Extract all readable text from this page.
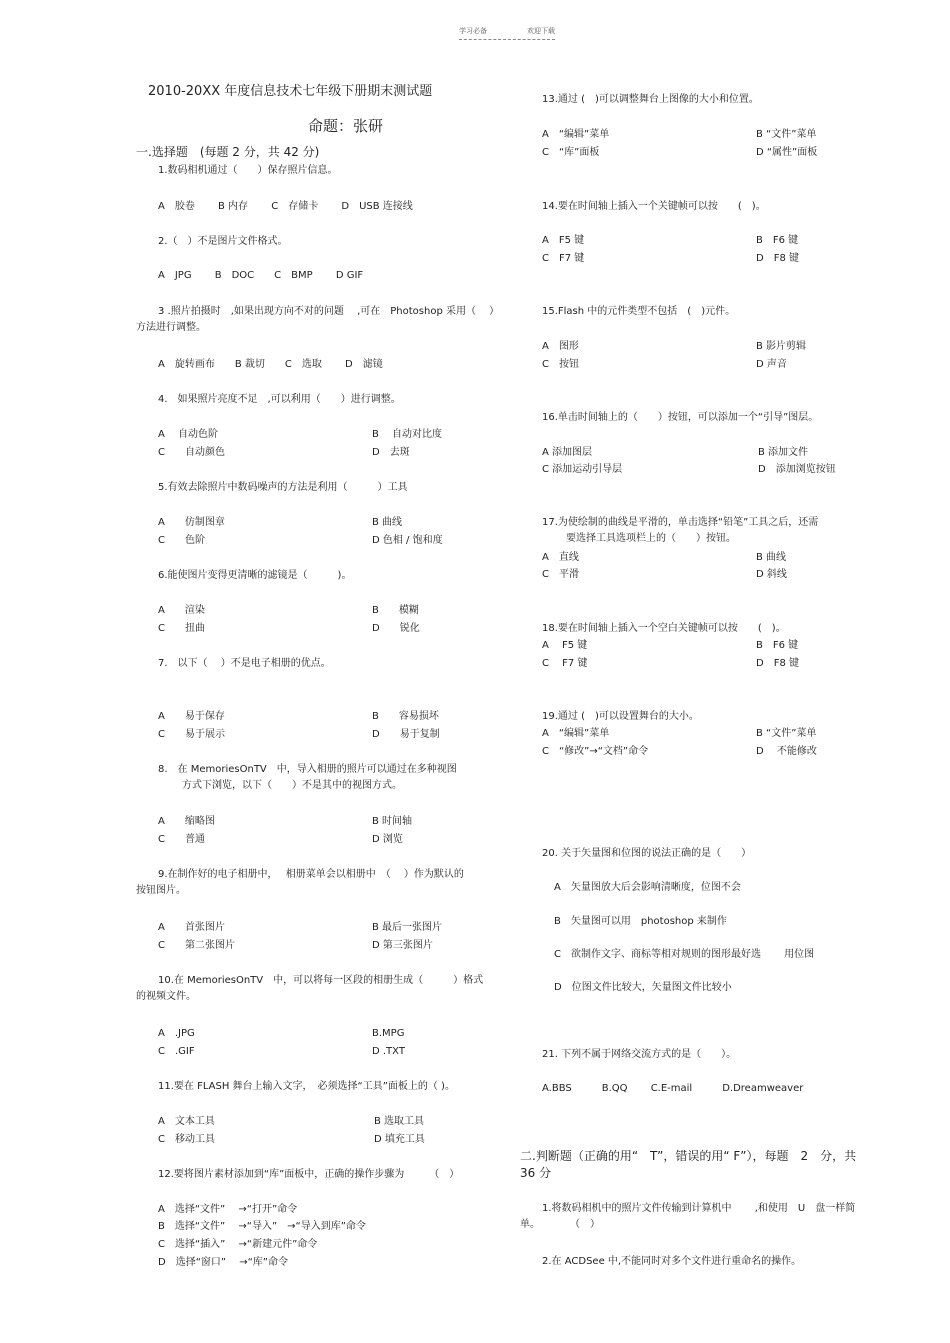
学习必备	欢迎下载
2010-20XX 年度信息技术七年级下册期末测试题
命题：张研
一.选择题　(每题 2 分，共 42 分)
1.数码相机通过（　　）保存照片信息。
A　胶卷　　 B 内存　　 C　存储卡　　 D　USB 连接线
2.（　）不是图片文件格式。
A　JPG　　 B　DOC　　C　BMP　　 D GIF
3 .照片拍摄时　,如果出现方向不对的问题　 ,可在　Photoshop 采用（　 ）
方法进行调整。
A　旋转画布　　B 裁切　　C　选取　　 D　滤镜
4.　如果照片亮度不足　,可以利用（　　）进行调整。
A　 自动色阶	B　 自动对比度
C　　自动颜色	D　去斑
5.有效去除照片中数码噪声的方法是利用（　　　）工具
A　　仿制图章	B 曲线
C　　色阶	D 色相 / 饱和度
6.能使图片变得更清晰的滤镜是（　　　)。
A　　渲染	B　　模糊
C　　扭曲	D　　锐化
7.　以下（　 ）不是电子相册的优点。
A　　易于保存	B　　容易损坏
C　　易于展示	D　　易于复制
8.　在 MemoriesOnTV　中，导入相册的照片可以通过在多种视图
方式下浏览，以下（　　）不是其中的视图方式。
A　　缩略图	B 时间轴
C　　普通	D 浏览
9.在制作好的电子相册中，　 相册菜单会以相册中　（　 ）作为默认的
按钮图片。
A　　首张图片	B 最后一张图片
C　　第二张图片	D 第三张图片
10.在 MemoriesOnTV　中，可以将每一区段的相册生成（　　　）格式
的视频文件。
A　.JPG	B.MPG
C　.GIF	D .TXT
11.要在 FLASH 舞台上输入文字，　必须选择“工具”面板上的（ )。
A　文本工具	B 选取工具
C　移动工具	D 填充工具
12.要将图片素材添加到“库”面板中，正确的操作步骤为　　　（　）
A　选择“文件”　 →“打开”命令
B　选择“文件”　 →“导入”　→“导入到库”命令
C　选择“插入”　 →“新建元件”命令
D　选择“窗口”　 →“库”命令
13.通过 (　)可以调整舞台上图像的大小和位置。
A　“编辑”菜单	B “文件”菜单
C　“库”面板	D “属性”面板
14.要在时间轴上插入一个关键帧可以按　　(　)。
A　F5 键	B　F6 键
C　F7 键	D　F8 键
15.Flash 中的元件类型不包括　(　)元件。
A　图形	B 影片剪辑
C　按钮	D 声音
16.单击时间轴上的（　　）按钮，可以添加一个“引导”图层。
A 添加图层	B 添加文件
C 添加运动引导层	D　添加浏览按钮
17.为使绘制的曲线是平滑的，单击选择“铅笔”工具之后，还需
要选择工具选项栏上的（　　）按钮。
A　直线	B 曲线
C　平滑	D 斜线
18.要在时间轴上插入一个空白关键帧可以按　　(　)。
A　 F5 键	B　F6 键
C　 F7 键	D　F8 键
19.通过 (　)可以设置舞台的大小。
A　“编辑”菜单	B “文件”菜单
C　“修改”→“文档”命令	D　 不能修改
20. 关于矢量图和位图的说法正确的是（　　）
A　矢量图放大后会影响清晰度，位图不会
B　矢量图可以用　photoshop 来制作
C　欲制作文字、商标等相对规则的图形最好选　　 用位图
D　位图文件比较大，矢量图文件比较小
21. 下列不属于网络交流方式的是（　　）。
A.BBS　　　B.QQ　　 C.E-mail　　　D.Dreamweaver
二.判断题（正确的用“　T”，错误的用“ F”），每题　2　分，共
36 分
1.将数码相机中的照片文件传输到计算机中　　 ,和使用　U　盘一样简
单。　　　　（　）
2.在 ACDSee 中,不能同时对多个文件进行重命名的操作。
